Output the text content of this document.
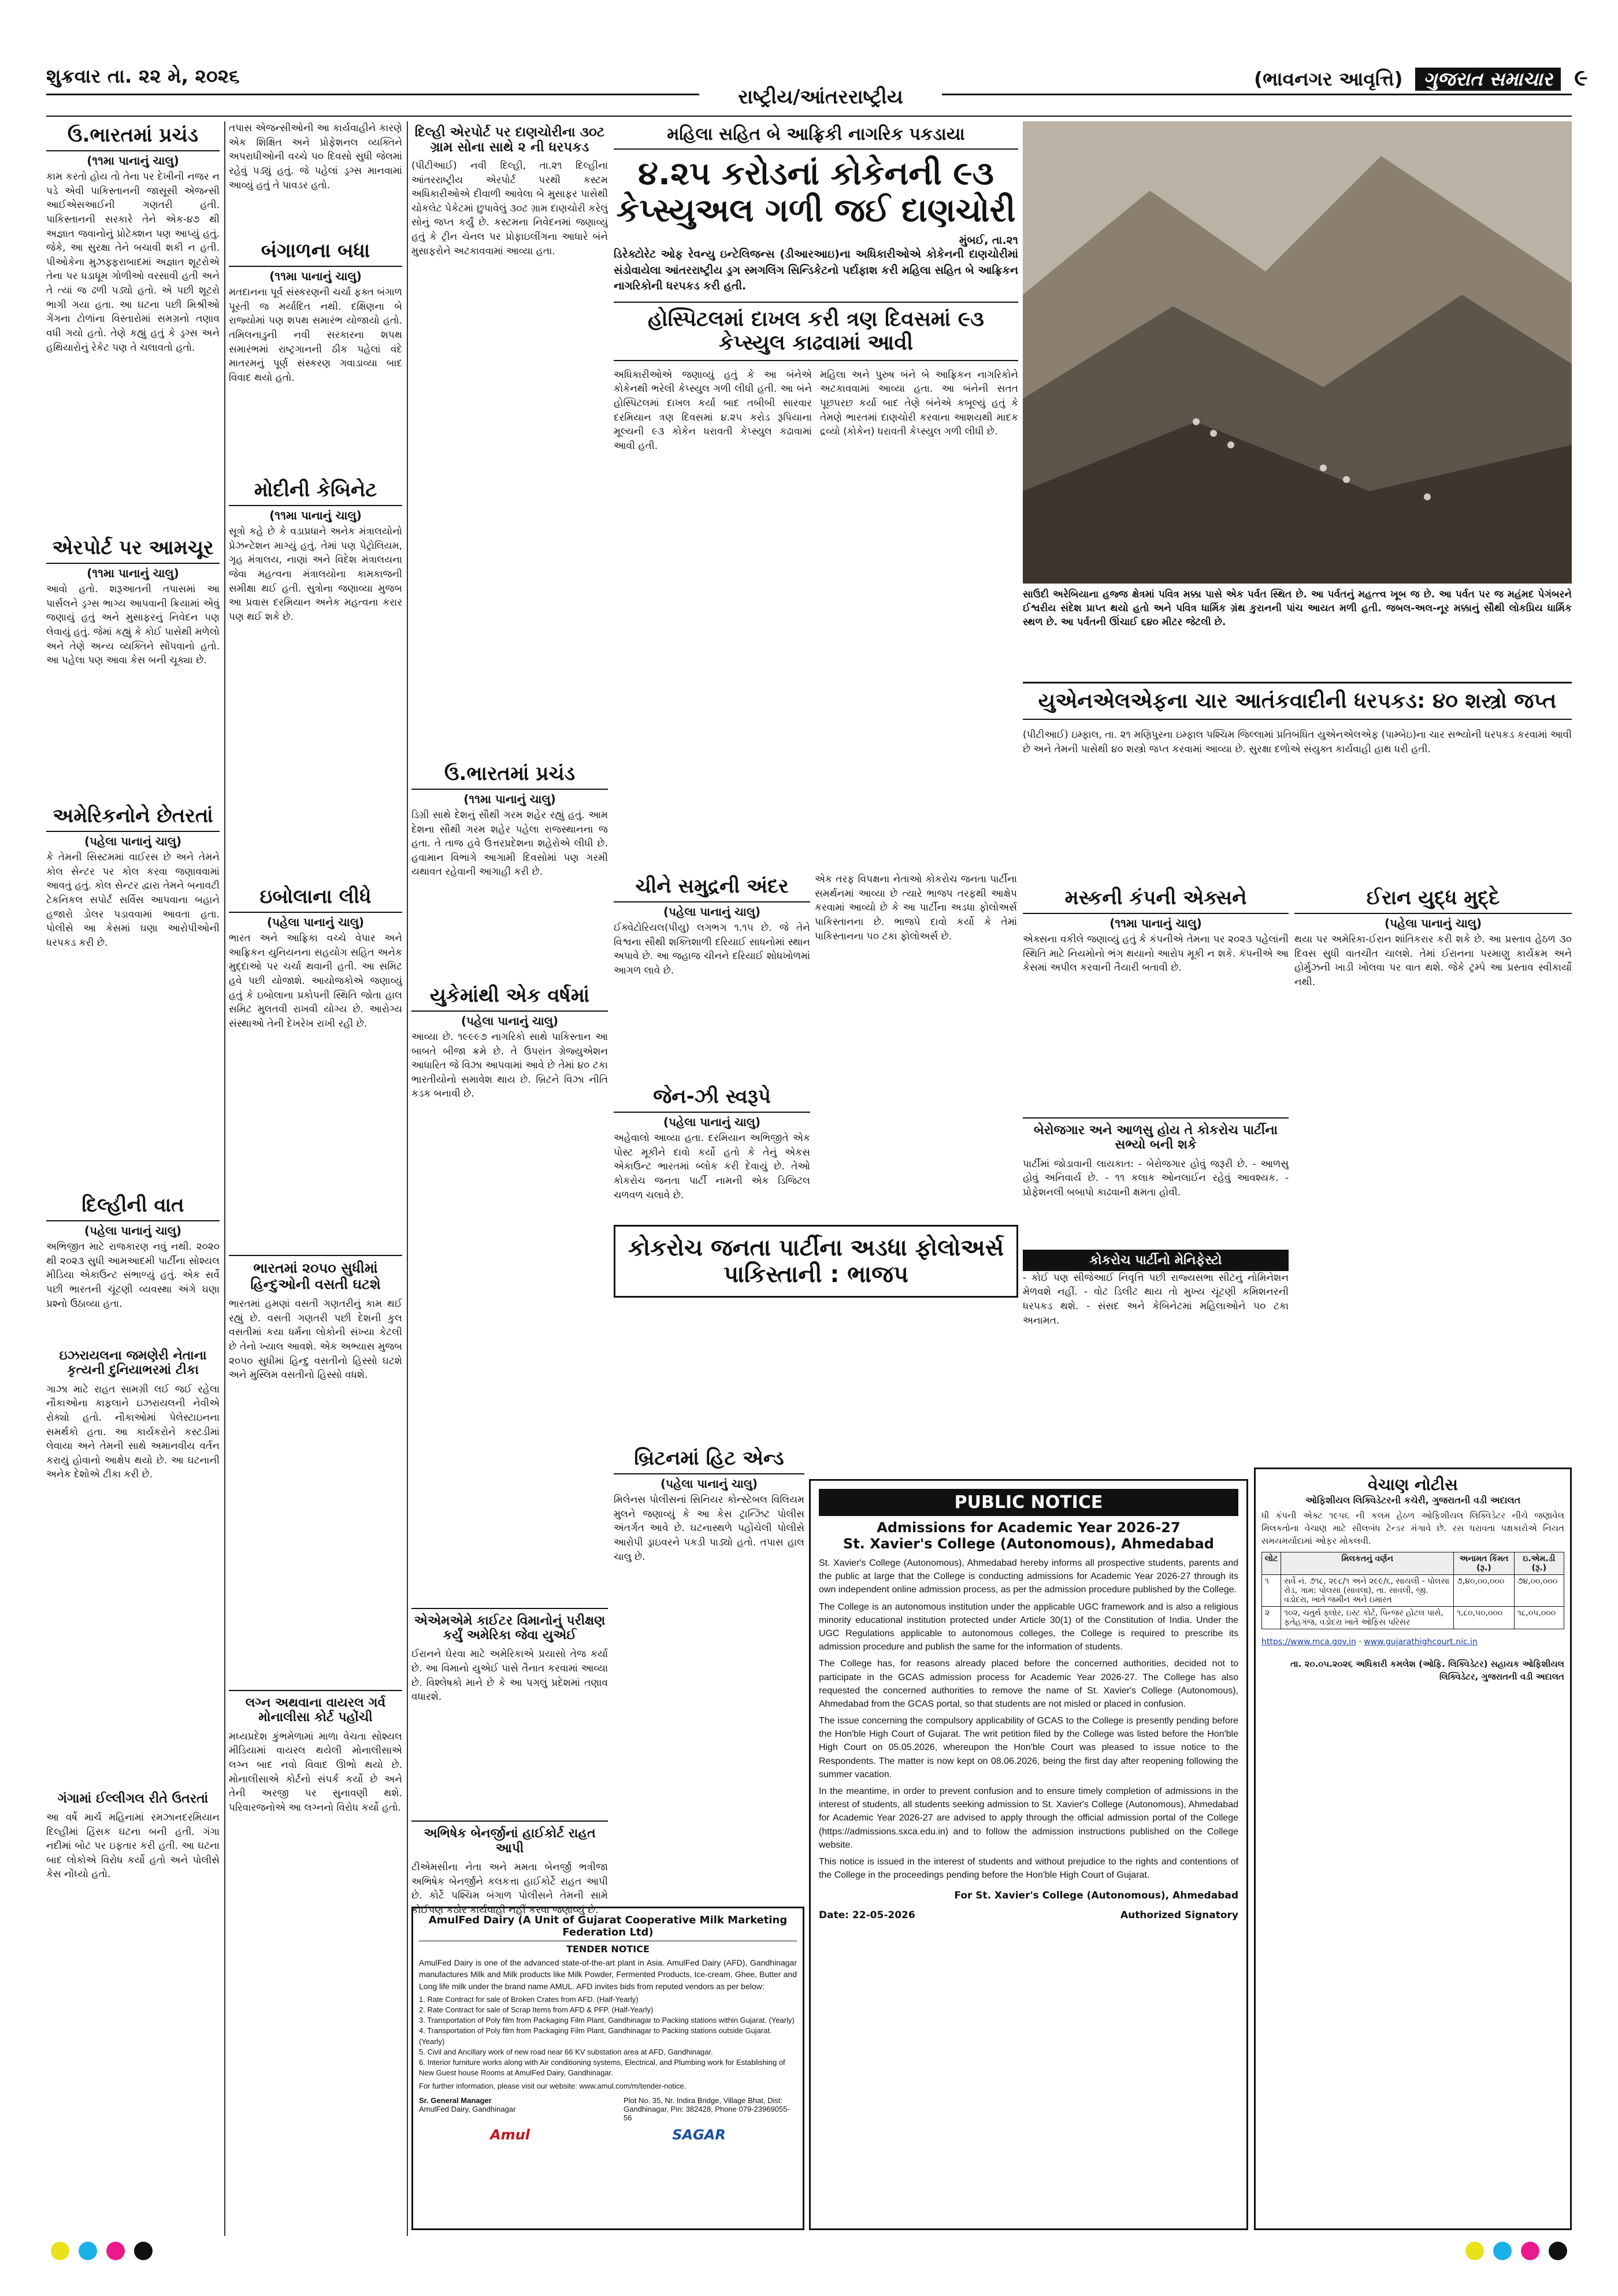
શુક્રવાર તા. ૨૨ મે, ૨૦૨૬	(ભાવનગર આવૃત્તિ) ગુજરાત સમાચાર ૯
રાષ્ટ્રીય/આંતરરાષ્ટ્રીય
ઉ.ભારતમાં પ્રચંડ
(૧૧મા પાનાનું ચાલુ)
કામ કરતો હોય તો તેના પર દેખીની નજર ન પડે એવી પાકિસ્તાનની જાસૂસી એજન્સી આઈએસઆઈની ગણતરી હતી. પાકિસ્તાનની સરકારે તેને એક-૪૭ થી અજ્ઞાત જવાનોનું પ્રોટેક્શન પણ આપ્યું હતું. જેકે, આ સુરક્ષા તેને બચાવી શકી ન હતી. પીઓકેના મુઝફ્ફરાબાદમાં અજ્ઞાત શૂટરોએ તેના પર ધડાધૂમ ગોળીઓ વરસાવી હતી અને તે ત્યાં જ ઢળી પડ્યો હતો. એ પછી શૂટરો ભાગી ગયા હતા. આ ઘટના પછી મિશ્રીઓ ગેંગના ટોળાંના વિસ્તારોમાં સમગ્રનો તણાવ વધી ગયો હતો. તેણે કહ્યું હતું કે ડ્રગ્સ અને હથિયારોનું રેકેટ પણ તે ચલાવતો હતો.
એરપોર્ટ પર આમચૂર
(૧૧મા પાનાનું ચાલુ)
આવો હતો. શરૂઆતની તપાસમાં આ પાર્સલને ડ્રગ્સ ભાગ્ય આપવાની ક્રિયામાં એવું જણાયું હતું અને મુસાફરનું નિવેદન પણ લેવાયું હતું. જેમાં કહ્યું કે કોઈ પાસેથી મળેલો અને તેણે અન્ય વ્યક્તિને સોંપવાનો હતો. આ પહેલા પણ આવા કેસ બની ચૂક્યા છે.
અમેરિકનોને છેતરતાં
(પહેલા પાનાનું ચાલુ)
કે તેમની સિસ્ટમમાં વાઈરસ છે અને તેમને કોલ સેન્ટર પર કોલ કરવા જણાવવામાં આવતું હતું. કોલ સેન્ટર દ્વારા તેમને બનાવટી ટેકનિકલ સપોર્ટ સર્વિસ આપવાના બહાને હજારો ડોલર પડાવવામાં આવતા હતા. પોલીસે આ કેસમાં ઘણા આરોપીઓની ધરપકડ કરી છે.
દિલ્હીની વાત
(પહેલા પાનાનું ચાલુ)
અભિજીત માટે રાજકારણ નવું નથી. ૨૦૨૦ થી ૨૦૨૩ સુધી આમઆદમી પાર્ટીના સોશ્યલ મીડિયા એકાઉન્ટ સંભાળ્યું હતું. એક સર્વે પછી ભારતની ચૂંટણી વ્યવસ્થા અંગે ઘણા પ્રશ્નો ઉઠાવ્યા હતા.
ઇઝરાયલના જમણેરી નેતાના કૃત્યની દુનિયાભરમાં ટીકા
ગાઝા માટે રાહત સામગ્રી લઈ જઈ રહેલા નૌકાઓના કાફલાને ઇઝરાયલની નેવીએ રોક્યો હતો. નૌકાઓમાં પેલેસ્ટાઇનના સમર્થકો હતા. આ કાર્યકરોને કસ્ટડીમાં લેવાયા અને તેમની સાથે અમાનવીય વર્તન કરાયું હોવાનો આક્ષેપ થયો છે. આ ઘટનાની અનેક દેશોએ ટીકા કરી છે.
ગંગામાં ઈલ્લીગલ રીતે ઉતરતાં
આ વર્ષે માર્ચ મહિનામાં રમઝાનદરમિયાન દિલ્હીમાં હિંસક ઘટના બની હતી. ગંગા નદીમાં બોટ પર ઇફતાર કરી હતી. આ ઘટના બાદ લોકોએ વિરોધ કર્યો હતો અને પોલીસે કેસ નોંધ્યો હતો.
તપાસ એજન્સીઓની આ કાર્યવાહીને કારણે એક શિક્ષિત અને પ્રોફેશનલ વ્યક્તિને અપરાધીઓની વચ્ચે ૫૦ દિવસો સુધી જેલમાં રહેવું પડ્યું હતું. જે પહેલાં ડ્રગ્સ માનવામાં આવ્યું હતું તે પાવડર હતો.
બંગાળના બધા
(૧૧મા પાનાનું ચાલુ)
મતદાનના પૂર્વ સંસ્કરણની ચર્ચા ફક્ત બંગાળ પૂરતી જ મર્યાદિત નથી. દક્ષિણના બે રાજ્યોમાં પણ શપથ સમારંભ યોજાયો હતો. તમિલનાડુની નવી સરકારના શપથ સમારંભમાં રાષ્ટ્રગાનની ઠીક પહેલાં વંદે માતરમનું પૂર્ણ સંસ્કરણ ગવાડાવ્યા બાદ વિવાદ થયો હતો.
મોદીની કેબિનેટ
(૧૧મા પાનાનું ચાલુ)
સૂત્રો કહે છે કે વડાપ્રધાને અનેક મંત્રાલયોનો પ્રેઝન્ટેશન માગ્યું હતું. તેમાં પણ પેટ્રોલિયમ, ગૃહ મંત્રાલય, નાણાં અને વિદેશ મંત્રાલયના જેવા મહત્વના મંત્રાલયોના કામકાજની સમીક્ષા થઈ હતી. સુત્રોના જણાવ્યા મુજબ આ પ્રવાસ દરમિયાન અનેક મહત્વના કરાર પણ થઈ શકે છે.
ઇબોલાના લીધે
(પહેલા પાનાનું ચાલુ)
ભારત અને આફ્રિકા વચ્ચે વેપાર અને આફ્રિકન યુનિયનના સહયોગ સહિત અનેક મુદ્દાઓ પર ચર્ચા થવાની હતી. આ સમિટ હવે પછી યોજાશે. આયોજકોએ જણાવ્યું હતું કે ઇબોલાના પ્રકોપની સ્થિતિ જોતા હાલ સમિટ મુલતવી રાખવી યોગ્ય છે. આરોગ્ય સંસ્થાઓ તેની દેખરેખ રાખી રહી છે.
ભારતમાં ૨૦૫૦ સુધીમાં હિન્દુઓની વસતી ઘટશે
ભારતમાં હમણાં વસતી ગણતરીનું કામ થઈ રહ્યું છે. વસતી ગણતરી પછી દેશની કુલ વસતીમાં કયા ધર્મના લોકોની સંખ્યા કેટલી છે તેનો ખ્યાલ આવશે. એક અભ્યાસ મુજબ ૨૦૫૦ સુધીમાં હિન્દુ વસતીનો હિસ્સો ઘટશે અને મુસ્લિમ વસતીનો હિસ્સો વધશે.
લગ્ન અથવાના વાયરલ ગર્વ મોનાલીસા કોર્ટ પહોંચી
મધ્યપ્રદેશ કુંભમેળામાં માળા વેચતા સોશ્યલ મીડિયામાં વાયરલ થયેલી મોનાલીસાએ લગ્ન બાદ નવો વિવાદ ઊભો થયો છે. મોનાલીસાએ કોર્ટનો સંપર્ક કર્યો છે અને તેની અરજી પર સુનાવણી થશે. પરિવારજનોએ આ લગ્નનો વિરોધ કર્યો હતો.
દિલ્હી એરપોર્ટ પર દાણચોરીના ૩૦ટ ગ્રામ સોના સાથે ૨ ની ધરપકડ
(પીટીઆઈ) નવી દિલ્હી, તા.૨૧ દિલ્હીના આંતરરાષ્ટ્રીય એરપોર્ટ પરથી કસ્ટમ અધિકારીઓએ દીવાળી આવેલા બે મુસાફર પાસેથી ચોકલેટ પેકેટમાં છુપાવેલું ૩૦ટ ગ્રામ દાણચોરી કરેલું સોનું જપ્ત કર્યું છે. કસ્ટમના નિવેદનમાં જણાવ્યું હતું કે ટ્રીન ચેનલ પર પ્રોફાઇલીંગના આધારે બંને મુસાફરોને અટકાવવામાં આવ્યા હતા.
ઉ.ભારતમાં પ્રચંડ
(૧૧મા પાનાનું ચાલુ)
ડિગ્રી સાથે દેશનું સૌથી ગરમ શહેર રહ્યું હતું. આમ દેશના સૌથી ગરમ શહેર પહેલા રાજસ્થાનના જ હતા. તે તાજ હવે ઉત્તરપ્રદેશના શહેરોએ લીધી છે. હવામાન વિભાગે આગામી દિવસોમાં પણ ગરમી યથાવત રહેવાની આગાહી કરી છે.
યુકેમાંથી એક વર્ષમાં
(પહેલા પાનાનું ચાલુ)
આવ્યા છે. ૧૯૯૯૭ નાગરિકો સાથે પાકિસ્તાન આ બાબતે બીજા ક્રમે છે. તે ઉપરાંત ગ્રેજ્યુએશન આધારિત જે વિઝા આપવામાં આવે છે તેમાં ૪૦ ટકા ભારતીયોનો સમાવેશ થાય છે. બ્રિટને વિઝા નીતિ કડક બનાવી છે.
એએમએમે કાઈટર વિમાનોનું પરીક્ષણ કર્યું અમેરિકા જેવા યુએઈ
ઈરાનને ઘેરવા માટે અમેરિકાએ પ્રયાસો તેજ કર્યા છે. આ વિમાનો યુએઈ પાસે તૈનાત કરવામાં આવ્યા છે. વિશ્લેષકો માને છે કે આ પગલું પ્રદેશમાં તણાવ વધારશે.
અભિષેક બેનર્જીનાં હાઈકોર્ટ રાહત આપી
ટીએમસીના નેતા અને મમતા બેનર્જી ભત્રીજા અભિષેક બેનર્જીને કલકત્તા હાઈકોર્ટે રાહત આપી છે. કોર્ટે પશ્ચિમ બંગાળ પોલીસને તેમની સામે કોઈપણ કઠોર કાર્યવાહી નહીં કરવા જણાવ્યું છે.
મહિલા સહિત બે આફ્રિકી નાગરિક પકડાયા
૪.૨૫ કરોડનાં કોકેનની ૯૩
કેપ્સ્યુઅલ ગળી જઈ દાણચોરી
મુંબઈ, તા.૨૧
ડિરેક્ટોરેટ ઓફ રેવન્યુ ઇન્ટેલિજન્સ (ડીઆરઆઇ)ના અધિકારીઓએ કોકેનની દાણચોરીમાં સંડોવાયેલા આંતરરાષ્ટ્રીય ડ્રગ સ્મગલિંગ સિન્ડિકેટનો પર્દાફાશ કરી મહિલા સહિત બે આફ્રિકન નાગરિકોની ધરપકડ કરી હતી.
હોસ્પિટલમાં દાખલ કરી ત્રણ દિવસમાં ૯૩ કેપ્સ્યુલ કાઢવામાં આવી
અધિકારીઓએ જણાવ્યું હતું કે આ બંનેએ કોકેનથી ભરેલી કેપ્સ્યુલ ગળી લીધી હતી. આ બંને હોસ્પિટલમાં દાખલ કર્યા બાદ તબીબી સારવાર દરમિયાન ત્રણ દિવસમાં ૪.૨૫ કરોડ રૂપિયાના મૂલ્યની ૯૩ કોકેન ધરાવતી કેપ્સ્યુલ કઢાવામાં આવી હતી.
મહિલા અને પુરુષ બંને બે આફ્રિકન નાગરિકોને અટકાવવામાં આવ્યા હતા. આ બંનેની સતત પૂછપરછ કર્યા બાદ તેણે બંનેએ કબૂલ્યું હતું કે તેમણે ભારતમાં દાણચોરી કરવાના આશયથી માદક દ્રવ્યો (કોકેન) ધરાવતી કેપ્સ્યુલ ગળી લીધી છે.
સાઉદી અરેબિયાના હજ્જ ક્ષેત્રમાં પવિત્ર મક્કા પાસે એક પર્વત સ્થિત છે. આ પર્વતનું મહત્ત્વ ખૂબ જ છે. આ પર્વત પર જ મહંમદ પેગંબરને ઈશ્વરીય સંદેશ પ્રાપ્ત થયો હતો અને પવિત્ર ધાર્મિક ગ્રંથ કુરાનની પાંચ આયત મળી હતી. જબલ-અલ-નૂર મક્કાનું સૌથી લોકપ્રિય ધાર્મિક સ્થળ છે. આ પર્વતની ઊંચાઈ ૬૪૦ મીટર જેટલી છે.
યુએનએલએફના ચાર આતંકવાદીની ધરપકડ: ૪૦ શસ્ત્રો જપ્ત
(પીટીઆઈ) ઇમ્ફાલ, તા. ૨૧ મણિપુરના ઇમ્ફાલ પશ્ચિમ જિલ્લામાં પ્રતિબંધિત યુએનએલએફ (પામ્બેઇ)ના ચાર સભ્યોની ધરપકડ કરવામાં આવી છે અને તેમની પાસેથી ૪૦ શસ્ત્રો જપ્ત કરવામાં આવ્યા છે. સુરક્ષા દળોએ સંયુક્ત કાર્યવાહી હાથ ધરી હતી.
ચીને સમુદ્રની અંદર
(પહેલા પાનાનું ચાલુ)
ઈક્વેટોરિયલ(પીયુ) લગભગ ૧.૧૫ છે. જે તેને વિશ્વના સૌથી શક્તિશાળી દરિયાઈ સાધનોમાં સ્થાન અપાવે છે. આ જહાજ ચીનને દરિયાઈ શોધખોળમાં આગળ લાવે છે.
જેન-ઝી સ્વરૂપે
(પહેલા પાનાનું ચાલુ)
અહેવાલો આવ્યા હતા. દરમિયાન અભિજીતે એક પોસ્ટ મૂકીને દાવો કર્યો હતો કે તેનું એકસ એકાઉન્ટ ભારતમાં બ્લોક કરી દેવાયું છે. તેઓ કોકરોચ જનતા પાર્ટી નામની એક ડિજિટલ ચળવળ ચલાવે છે.
એક તરફ વિપક્ષના નેતાઓ કોકરોચ જનતા પાર્ટીના સમર્થનમાં આવ્યા છે ત્યારે ભાજપ તરફથી આક્ષેપ કરવામાં આવ્યો છે કે આ પાર્ટીના અડધા ફોલોઅર્સ પાકિસ્તાનના છે. ભાજપે દાવો કર્યો કે તેમાં પાકિસ્તાનના ૫૦ ટકા ફોલોઅર્સ છે.
કોકરોચ જનતા પાર્ટીના અડધા ફોલોઅર્સ પાકિસ્તાની : ભાજપ
મસ્કની કંપની એક્સને
(૧૧મા પાનાનું ચાલુ)
એક્સના વકીલે જણાવ્યું હતું કે કંપનીએ તેમના પર ૨૦૨૩ પહેલાંની સ્થિતિ માટે નિયમોનો ભંગ થયાનો આરોપ મૂકી ન શકે. કંપનીએ આ કેસમાં અપીલ કરવાની તૈયારી બતાવી છે.
બેરોજગાર અને આળસુ હોય તે કોકરોચ પાર્ટીના સભ્યો બની શકે
પાર્ટીમાં જોડાવાની લાયકાત: - બેરોજગાર હોવું જરૂરી છે. - આળસુ હોવું અનિવાર્ય છે. - ૧૧ કલાક ઓનલાઈન રહેવું આવશ્યક. - પ્રોફેશનલી બબાપો કાઢવાની ક્ષમતા હોવી.
કોકરોચ પાર્ટીનો મેનિફેસ્ટો
- કોઈ પણ સીજેઆઈ નિવૃત્તિ પછી રાજ્યસભા સીટનું નોમિનેશન મેળવશે નહીં. - વોટ ડિલીટ થાય તો મુખ્ય ચૂંટણી કમિશનરની ધરપકડ થશે. - સંસદ અને કેબિનેટમાં મહિલાઓને ૫૦ ટકા અનામત.
ઈરાન યુદ્ધ મુદ્દે
(પહેલા પાનાનું ચાલુ)
થયા પર અમેરિકા-ઈરાન શાંતિકરાર કરી શકે છે. આ પ્રસ્તાવ હેઠળ ૩૦ દિવસ સુધી વાતચીત ચાલશે. તેમાં ઈરાનના પરમાણુ કાર્યક્રમ અને હોર્મુઝની ખાડી ખોલવા પર વાત થશે. જેકે ટ્રમ્પે આ પ્રસ્તાવ સ્વીકાર્યો નથી.
બ્રિટનમાં હિટ એન્ડ
(પહેલા પાનાનું ચાલુ)
મિલેનસ પોલીસનાં સિનિયર કોન્સ્ટેબલ વિલિયમ મુલને જણાવ્યું કે આ કેસ ટ્રાન્ઝિટ પોલીસ અંતર્ગત આવે છે. ઘટનાસ્થળે પહોંચેલી પોલીસે આરોપી ડ્રાઇવરને પકડી પાડ્યો હતો. તપાસ હાલ ચાલુ છે.
PUBLIC NOTICE
Admissions for Academic Year 2026-27
St. Xavier's College (Autonomous), Ahmedabad
St. Xavier's College (Autonomous), Ahmedabad hereby informs all prospective students, parents and the public at large that the College is conducting admissions for Academic Year 2026-27 through its own independent online admission process, as per the admission procedure published by the College.
The College is an autonomous institution under the applicable UGC framework and is also a religious minority educational institution protected under Article 30(1) of the Constitution of India. Under the UGC Regulations applicable to autonomous colleges, the College is required to prescribe its admission procedure and publish the same for the information of students.
The College has, for reasons already placed before the concerned authorities, decided not to participate in the GCAS admission process for Academic Year 2026-27. The College has also requested the concerned authorities to remove the name of St. Xavier's College (Autonomous), Ahmedabad from the GCAS portal, so that students are not misled or placed in confusion.
The issue concerning the compulsory applicability of GCAS to the College is presently pending before the Hon'ble High Court of Gujarat. The writ petition filed by the College was listed before the Hon'ble High Court on 05.05.2026, whereupon the Hon'ble Court was pleased to issue notice to the Respondents. The matter is now kept on 08.06.2026, being the first day after reopening following the summer vacation.
In the meantime, in order to prevent confusion and to ensure timely completion of admissions in the interest of students, all students seeking admission to St. Xavier's College (Autonomous), Ahmedabad for Academic Year 2026-27 are advised to apply through the official admission portal of the College (https://admissions.sxca.edu.in) and to follow the admission instructions published on the College website.
This notice is issued in the interest of students and without prejudice to the rights and contentions of the College in the proceedings pending before the Hon'ble High Court of Gujarat.
For St. Xavier's College (Autonomous), Ahmedabad
Date: 22-05-2026	Authorized Signatory
AmulFed Dairy (A Unit of Gujarat Cooperative Milk Marketing Federation Ltd)
TENDER NOTICE
AmulFed Dairy is one of the advanced state-of-the-art plant in Asia. AmulFed Dairy (AFD), Gandhinagar manufactures Milk and Milk products like Milk Powder, Fermented Products, Ice-cream, Ghee, Butter and Long life milk under the brand name AMUL. AFD invites bids from reputed vendors as per below:
1. Rate Contract for sale of Broken Crates from AFD. (Half-Yearly)
2. Rate Contract for sale of Scrap Items from AFD & PFP. (Half-Yearly)
3. Transportation of Poly film from Packaging Film Plant, Gandhinagar to Packing stations within Gujarat. (Yearly)
4. Transportation of Poly film from Packaging Film Plant, Gandhinagar to Packing stations outside Gujarat. (Yearly)
5. Civil and Ancillary work of new road near 66 KV substation area at AFD, Gandhinagar.
6. Interior furniture works along with Air conditioning systems, Electrical, and Plumbing work for Establishing of New Guest house Rooms at AmulFed Dairy, Gandhinagar.
For further information, please visit our website: www.amul.com/m/tender-notice.
Sr. General Manager
AmulFed Dairy, Gandhinagar
Plot No. 35, Nr. Indira Bridge, Village Bhat, Dist: Gandhinagar, Pin: 382428, Phone 079-23969055-56
Amul	SAGAR
વેચાણ નોટીસ
ઓફિશીયલ લિક્વિડેટરની કચેરી, ગુજરાતની વડી અદાલત
ધી કંપની એક્ટ ૧૯૫૬ ની કલમ હેઠળ ઓફિશીયલ લિક્વિડેટર નીચે જણાવેલ મિલકતોના વેચાણ માટે સીલબંધ ટેન્ડર મંગાવે છે. રસ ધરાવતા પક્ષકારોએ નિયત સમયમર્યાદામાં ઓફર મોકલવી.
લોટ	મિલકતનું વર્ણન	અનામત કિંમત (રૂ.)	ઇ.એમ.ડી (રૂ.)
૧	સર્વે નં. ૭૧૮, ૨૯૮/૧ અને ૨૯૯/૬, સાયલી - પોલસા રોડ, ગામ: પોલસા (સાવલા), તા. સાવલી, જી. વડોદરા, ખાતે જમીન અને ઇમારત	૭,૪૦,૦૦,૦૦૦	૭૪,૦૦,૦૦૦
૨	૧૦૨, ચતુર્થ ફ્લોર, ઇસ્ટ કોર્ટ, પિન્જર હોટલ પાસે, ફતેહગંજ, વડોદરા ખાતે ઓફિસ પરિસર	૧,૮૦,૫૦,૦૦૦	૧૮,૦૫,૦૦૦
https://www.mca.gov.in · www.gujarathighcourt.nic.in
તા. ૨૦.૦૫.૨૦૨૬ અધિકારી કમલેશ (ઓફિ. લિક્વિડેટર) સહાયક ઓફિશીયલ લિક્વિડેટર, ગુજરાતની વડી અદાલત
